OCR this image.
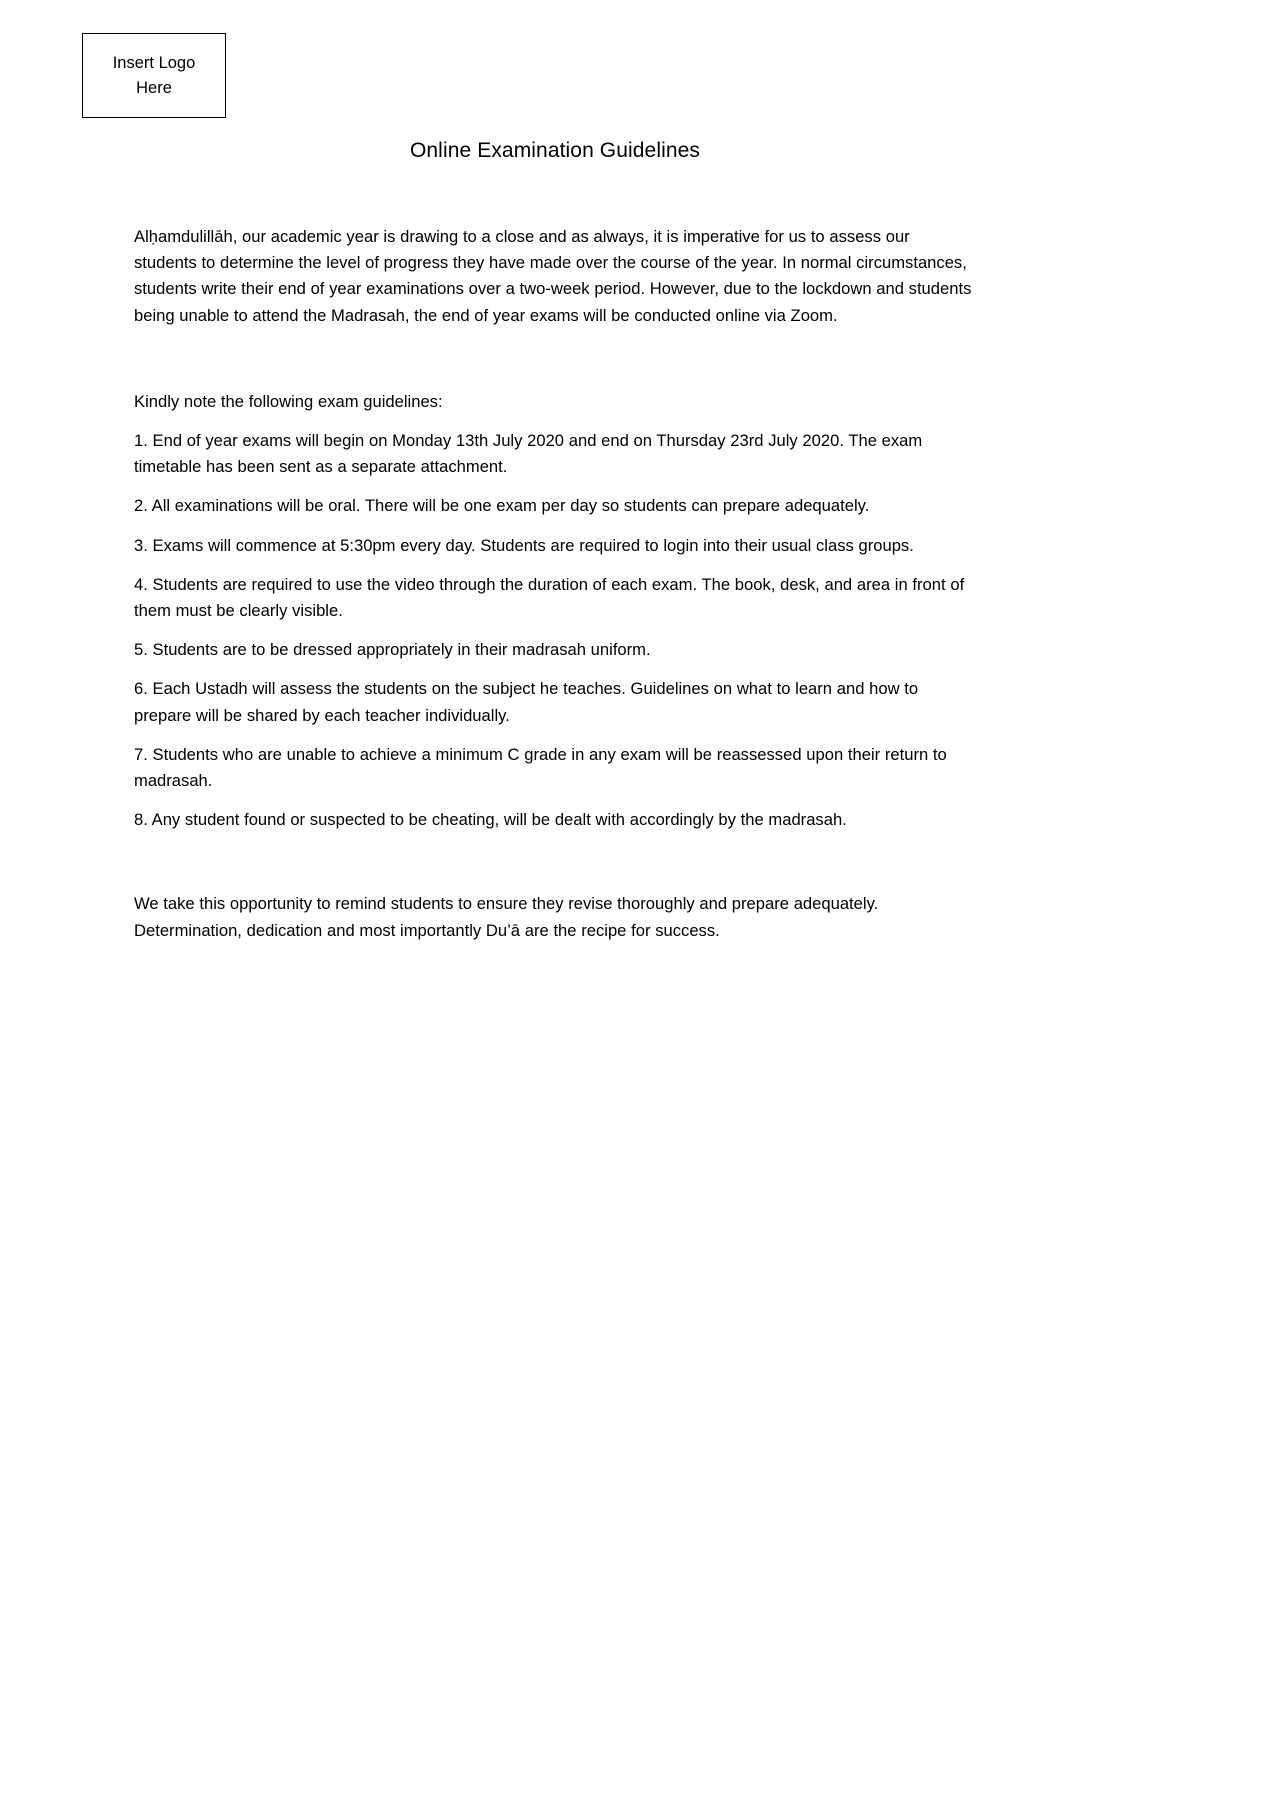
Insert Logo
Here
Online Examination Guidelines

Alḥamdulillāh, our academic year is drawing to a close and as always, it is imperative for us to assess our students to determine the level of progress they have made over the course of the year. In normal circumstances, students write their end of year examinations over a two-week period. However, due to the lockdown and students being unable to attend the Madrasah, the end of year exams will be conducted online via Zoom.

Kindly note the following exam guidelines:

1. End of year exams will begin on Monday 13th July 2020 and end on Thursday 23rd July 2020. The exam timetable has been sent as a separate attachment.

2. All examinations will be oral. There will be one exam per day so students can prepare adequately.

3. Exams will commence at 5:30pm every day. Students are required to login into their usual class groups.

4. Students are required to use the video through the duration of each exam. The book, desk, and area in front of them must be clearly visible.

5. Students are to be dressed appropriately in their madrasah uniform.

6. Each Ustadh will assess the students on the subject he teaches. Guidelines on what to learn and how to prepare will be shared by each teacher individually.

7. Students who are unable to achieve a minimum C grade in any exam will be reassessed upon their return to madrasah.

8. Any student found or suspected to be cheating, will be dealt with accordingly by the madrasah.

We take this opportunity to remind students to ensure they revise thoroughly and prepare adequately. Determination, dedication and most importantly Du’ā are the recipe for success.
